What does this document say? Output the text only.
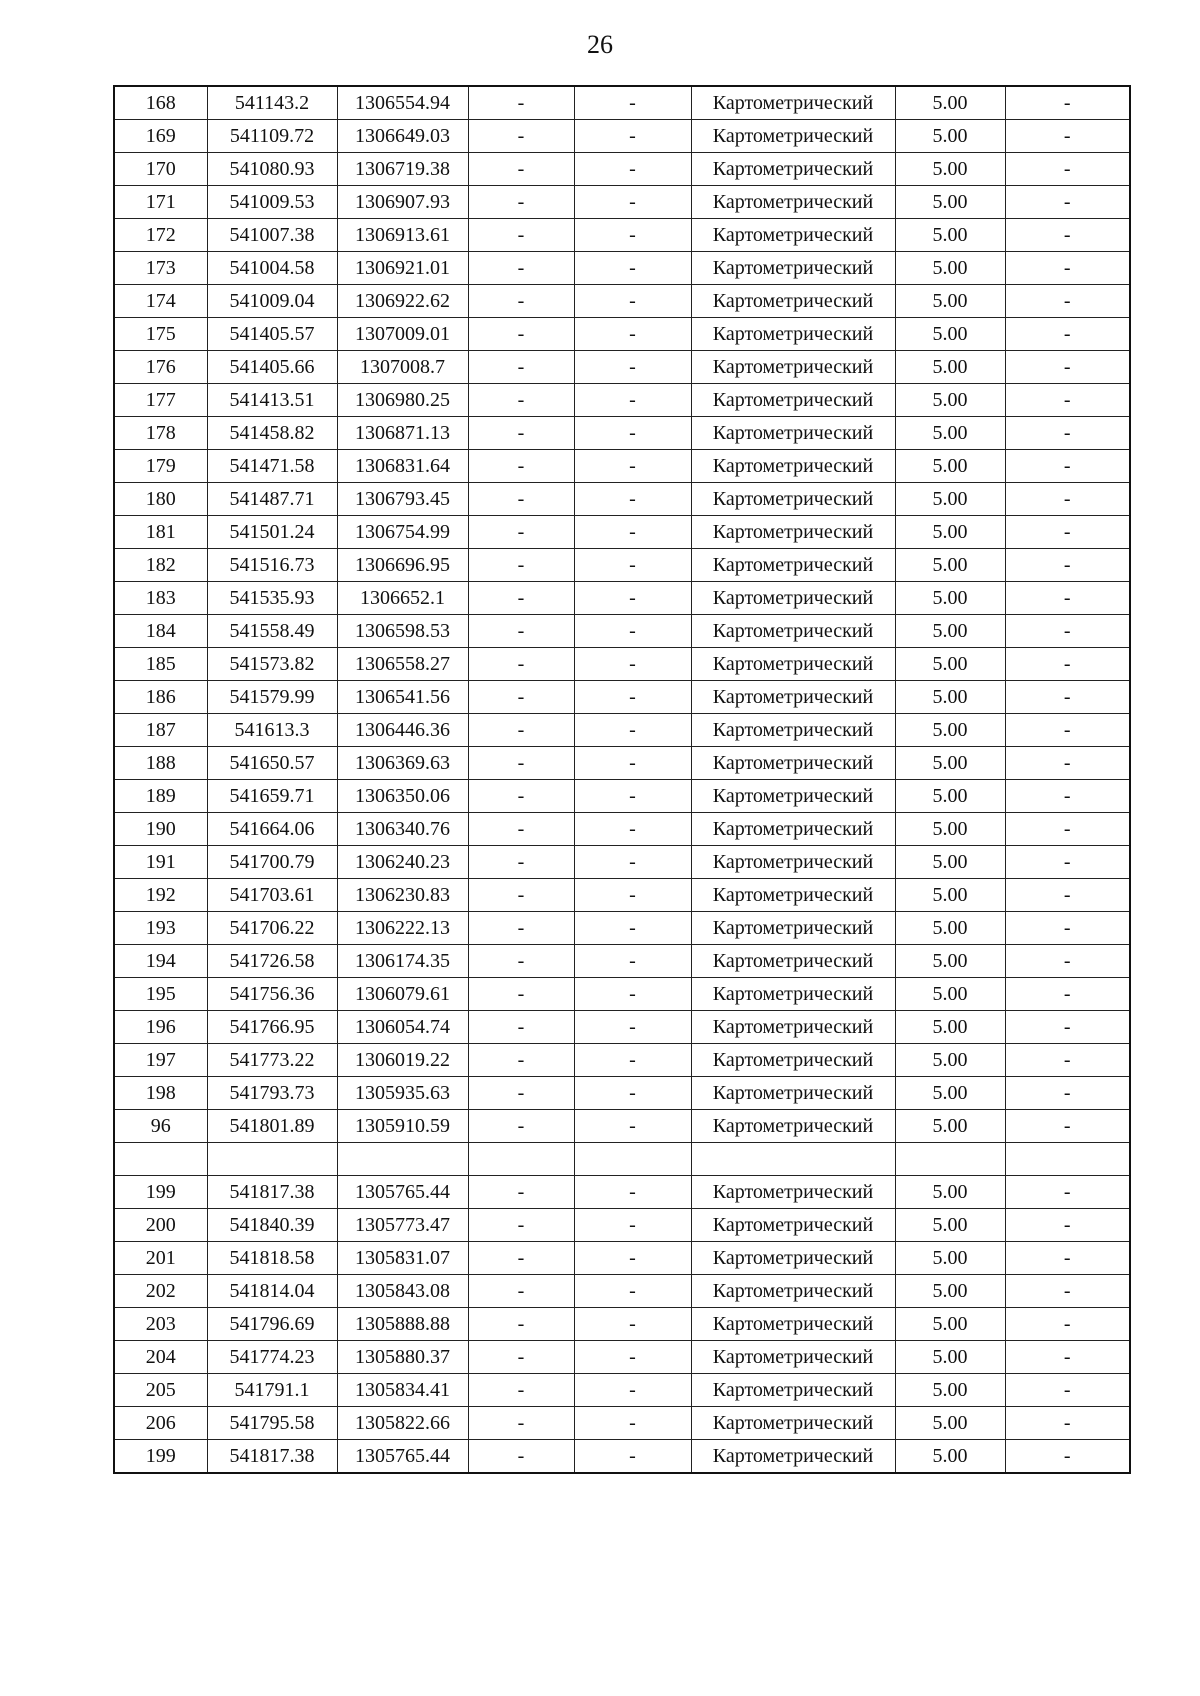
26
168	541143.2	1306554.94	-	-	Картометрический	5.00	-
169	541109.72	1306649.03	-	-	Картометрический	5.00	-
170	541080.93	1306719.38	-	-	Картометрический	5.00	-
171	541009.53	1306907.93	-	-	Картометрический	5.00	-
172	541007.38	1306913.61	-	-	Картометрический	5.00	-
173	541004.58	1306921.01	-	-	Картометрический	5.00	-
174	541009.04	1306922.62	-	-	Картометрический	5.00	-
175	541405.57	1307009.01	-	-	Картометрический	5.00	-
176	541405.66	1307008.7	-	-	Картометрический	5.00	-
177	541413.51	1306980.25	-	-	Картометрический	5.00	-
178	541458.82	1306871.13	-	-	Картометрический	5.00	-
179	541471.58	1306831.64	-	-	Картометрический	5.00	-
180	541487.71	1306793.45	-	-	Картометрический	5.00	-
181	541501.24	1306754.99	-	-	Картометрический	5.00	-
182	541516.73	1306696.95	-	-	Картометрический	5.00	-
183	541535.93	1306652.1	-	-	Картометрический	5.00	-
184	541558.49	1306598.53	-	-	Картометрический	5.00	-
185	541573.82	1306558.27	-	-	Картометрический	5.00	-
186	541579.99	1306541.56	-	-	Картометрический	5.00	-
187	541613.3	1306446.36	-	-	Картометрический	5.00	-
188	541650.57	1306369.63	-	-	Картометрический	5.00	-
189	541659.71	1306350.06	-	-	Картометрический	5.00	-
190	541664.06	1306340.76	-	-	Картометрический	5.00	-
191	541700.79	1306240.23	-	-	Картометрический	5.00	-
192	541703.61	1306230.83	-	-	Картометрический	5.00	-
193	541706.22	1306222.13	-	-	Картометрический	5.00	-
194	541726.58	1306174.35	-	-	Картометрический	5.00	-
195	541756.36	1306079.61	-	-	Картометрический	5.00	-
196	541766.95	1306054.74	-	-	Картометрический	5.00	-
197	541773.22	1306019.22	-	-	Картометрический	5.00	-
198	541793.73	1305935.63	-	-	Картометрический	5.00	-
96	541801.89	1305910.59	-	-	Картометрический	5.00	-

199	541817.38	1305765.44	-	-	Картометрический	5.00	-
200	541840.39	1305773.47	-	-	Картометрический	5.00	-
201	541818.58	1305831.07	-	-	Картометрический	5.00	-
202	541814.04	1305843.08	-	-	Картометрический	5.00	-
203	541796.69	1305888.88	-	-	Картометрический	5.00	-
204	541774.23	1305880.37	-	-	Картометрический	5.00	-
205	541791.1	1305834.41	-	-	Картометрический	5.00	-
206	541795.58	1305822.66	-	-	Картометрический	5.00	-
199	541817.38	1305765.44	-	-	Картометрический	5.00	-
